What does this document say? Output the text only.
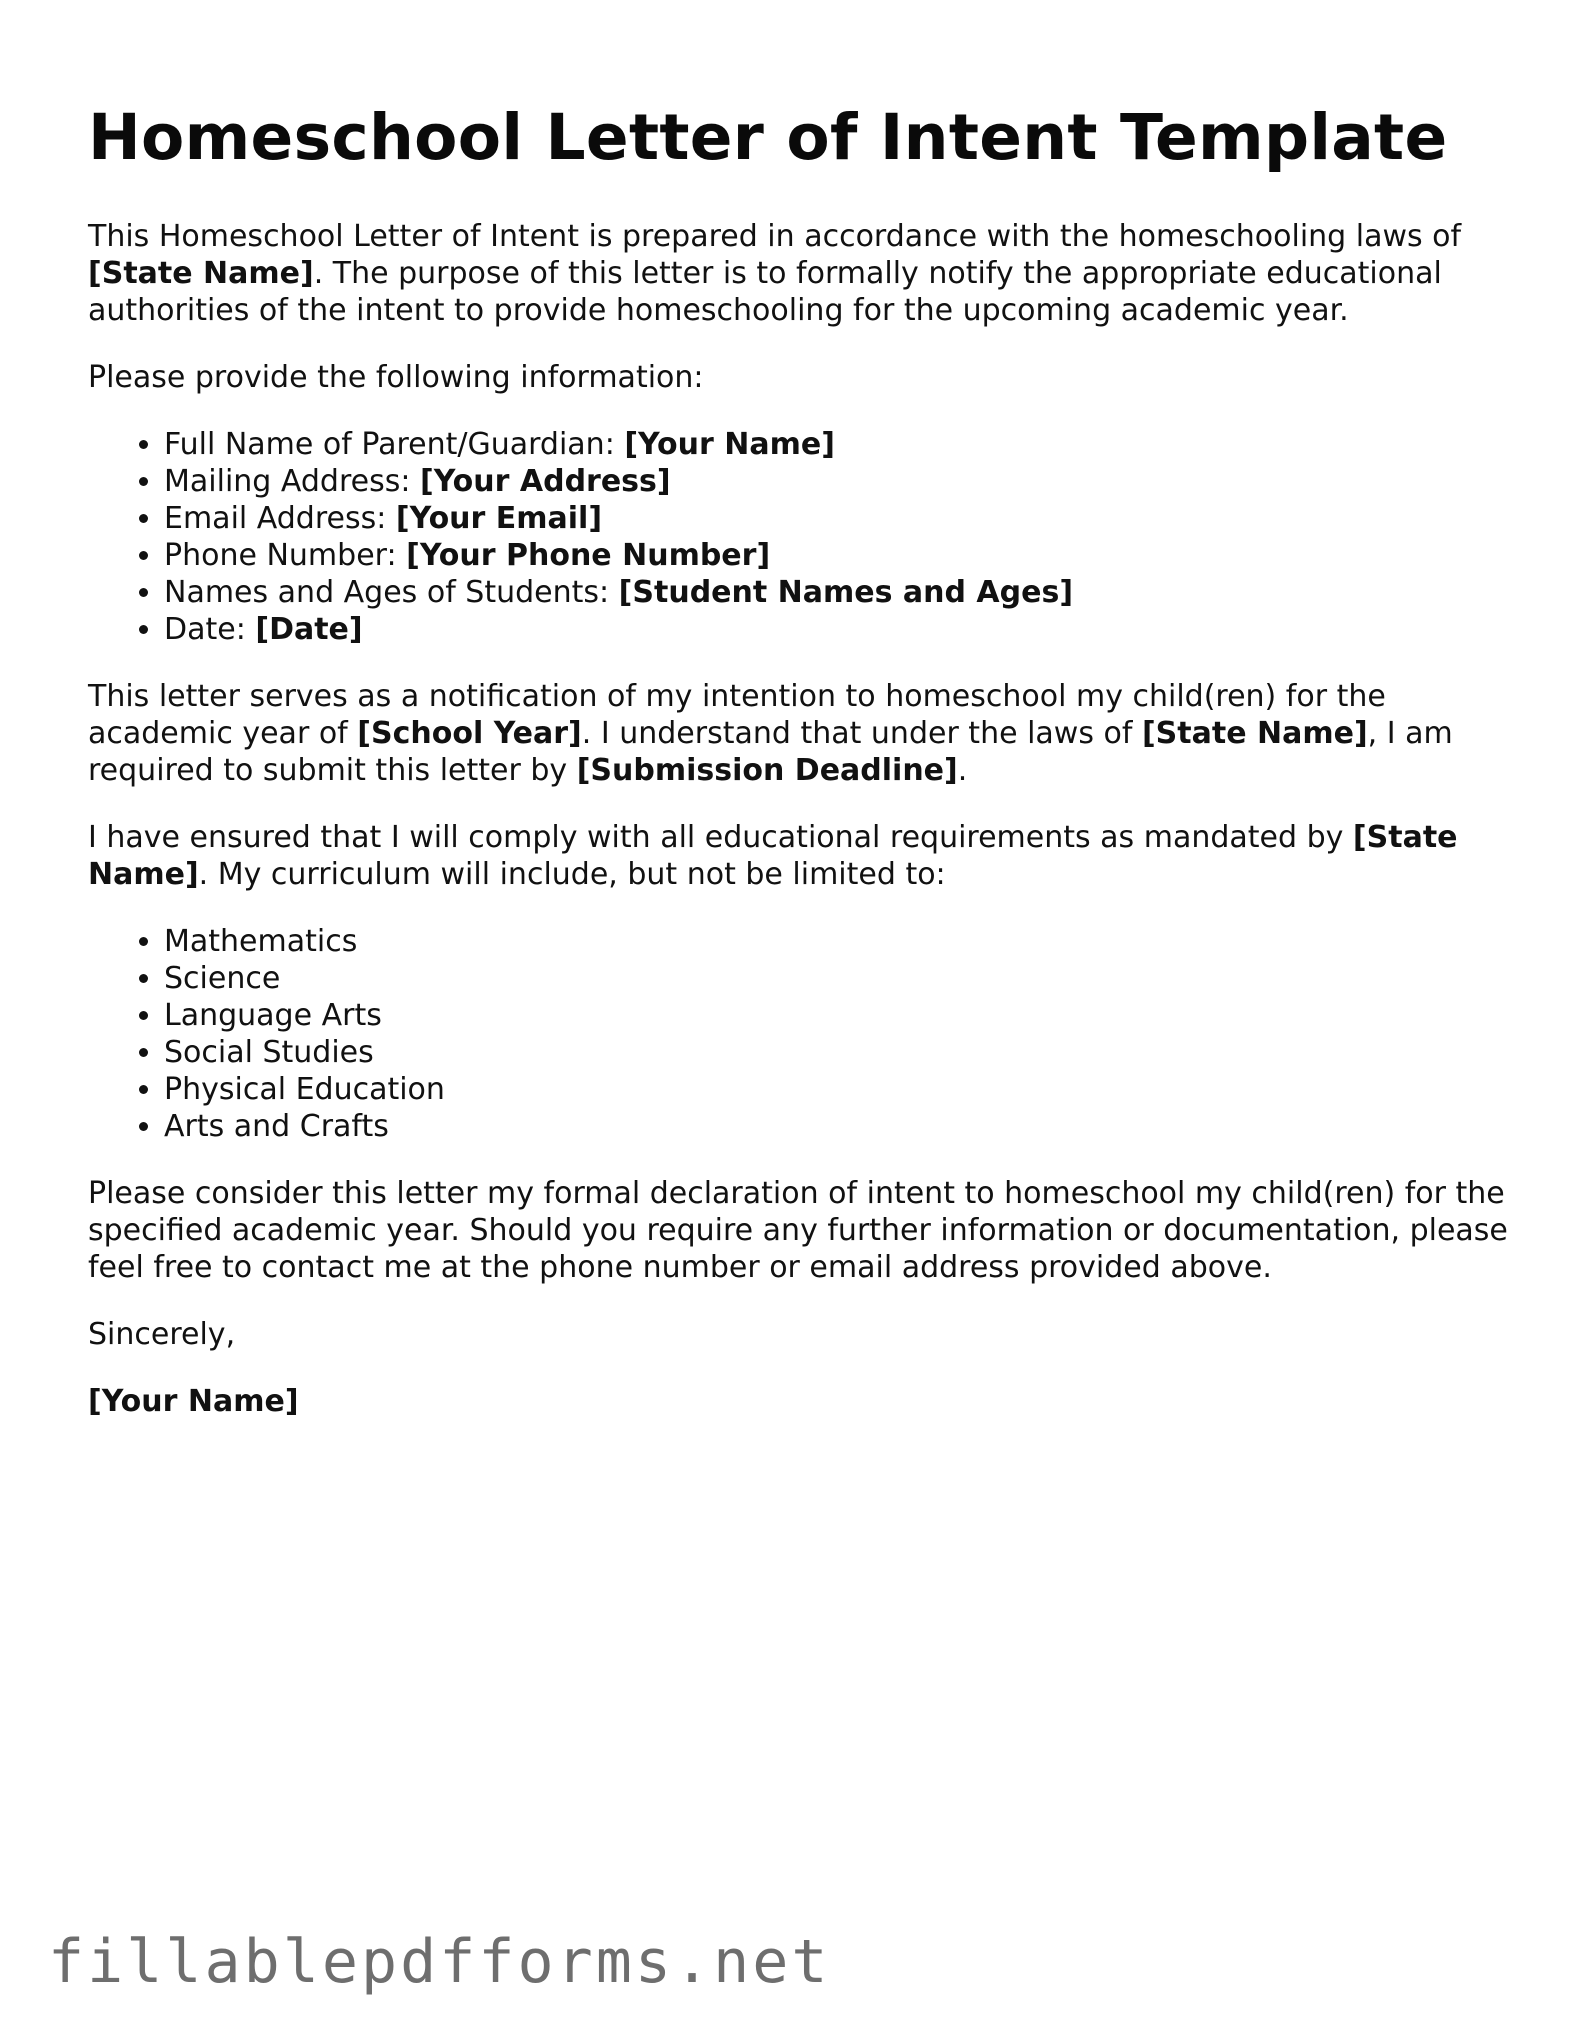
Homeschool Letter of Intent Template

This Homeschool Letter of Intent is prepared in accordance with the homeschooling laws of [State Name]. The purpose of this letter is to formally notify the appropriate educational authorities of the intent to provide homeschooling for the upcoming academic year.

Please provide the following information:

• Full Name of Parent/Guardian: [Your Name]
• Mailing Address: [Your Address]
• Email Address: [Your Email]
• Phone Number: [Your Phone Number]
• Names and Ages of Students: [Student Names and Ages]
• Date: [Date]

This letter serves as a notification of my intention to homeschool my child(ren) for the academic year of [School Year]. I understand that under the laws of [State Name], I am required to submit this letter by [Submission Deadline].

I have ensured that I will comply with all educational requirements as mandated by [State Name]. My curriculum will include, but not be limited to:

• Mathematics
• Science
• Language Arts
• Social Studies
• Physical Education
• Arts and Crafts

Please consider this letter my formal declaration of intent to homeschool my child(ren) for the specified academic year. Should you require any further information or documentation, please feel free to contact me at the phone number or email address provided above.

Sincerely,

[Your Name]

fillablepdfforms.net
